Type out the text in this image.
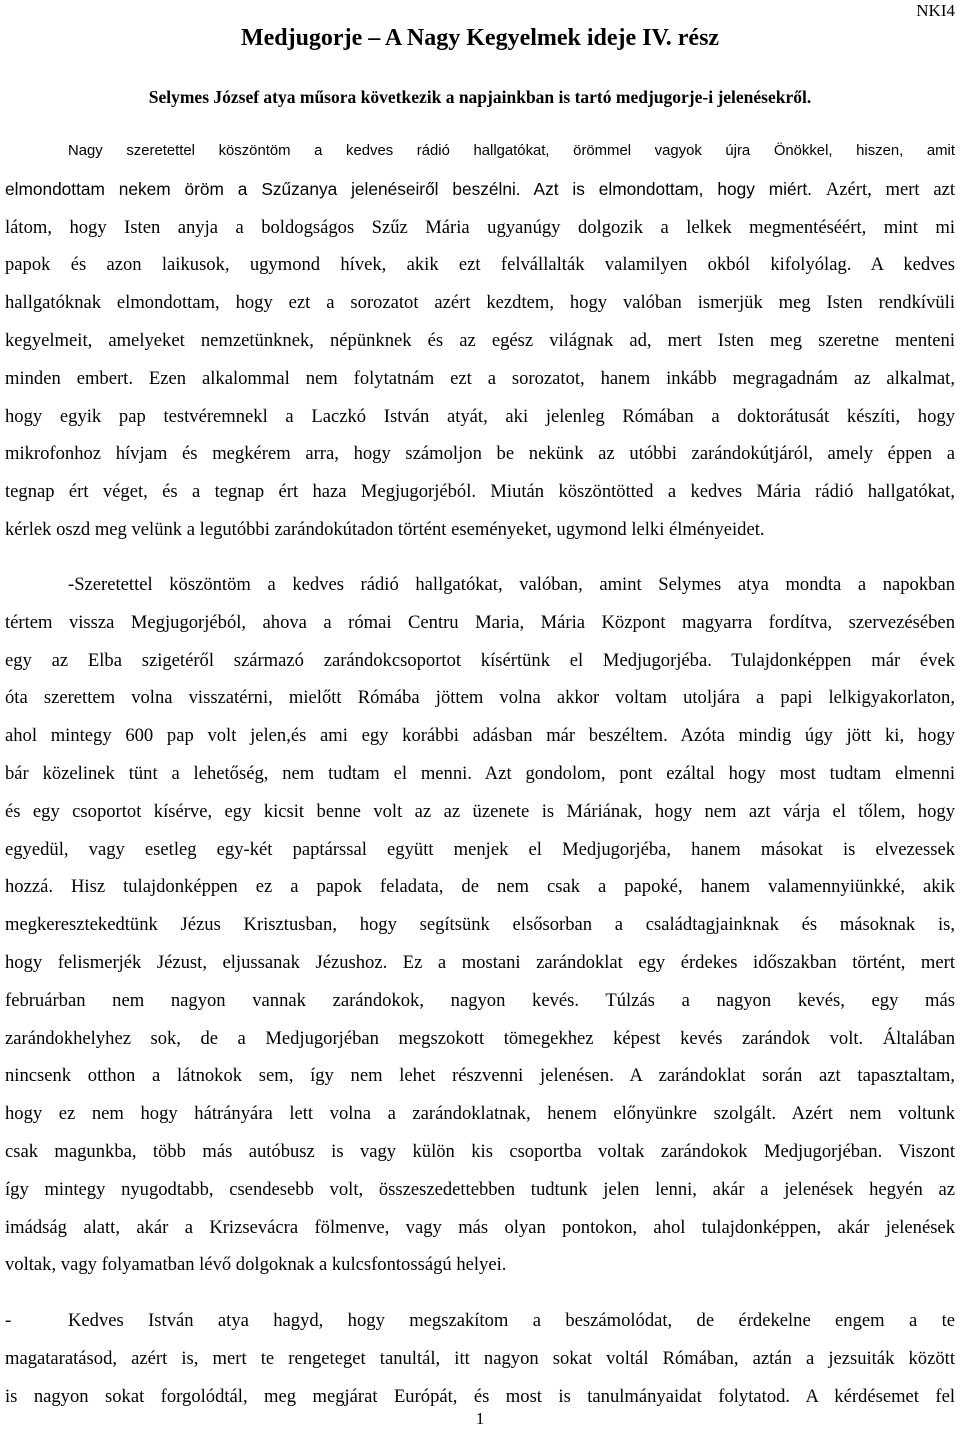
NKI4
Medjugorje – A Nagy Kegyelmek ideje IV. rész
Selymes József atya műsora következik a napjainkban is tartó medjugorje-i jelenésekről.
Nagy szeretettel köszöntöm a kedves rádió hallgatókat, örömmel vagyok újra Önökkel, hiszen, amit
elmondottam nekem öröm a Szűzanya jelenéseiről beszélni. Azt is elmondottam, hogy miért. Azért, mert azt
látom, hogy Isten anyja a boldogságos Szűz Mária ugyanúgy dolgozik a lelkek megmentéséért, mint mi
papok és azon laikusok, ugymond hívek, akik ezt felvállalták valamilyen okból kifolyólag. A kedves
hallgatóknak elmondottam, hogy ezt a sorozatot azért kezdtem, hogy valóban ismerjük meg Isten rendkívüli
kegyelmeit, amelyeket nemzetünknek, népünknek és az egész világnak ad, mert Isten meg szeretne menteni
minden embert. Ezen alkalommal nem folytatnám ezt a sorozatot, hanem inkább megragadnám az alkalmat,
hogy egyik pap testvéremnekl a Laczkó István atyát, aki jelenleg Rómában a doktorátusát készíti, hogy
mikrofonhoz hívjam és megkérem arra, hogy számoljon be nekünk az utóbbi zarándokútjáról, amely éppen a
tegnap ért véget, és a tegnap ért haza Megjugorjéból. Miután köszöntötted a kedves Mária rádió hallgatókat,
kérlek oszd meg velünk a legutóbbi zarándokútadon történt eseményeket, ugymond lelki élményeidet.
-Szeretettel köszöntöm a kedves rádió hallgatókat, valóban, amint Selymes atya mondta a napokban
tértem vissza Megjugorjéból, ahova a római Centru Maria, Mária Központ magyarra fordítva, szervezésében
egy az Elba szigetéről származó zarándokcsoportot kísértünk el Medjugorjéba. Tulajdonképpen már évek
óta szerettem volna visszatérni, mielőtt Rómába jöttem volna akkor voltam utoljára a papi lelkigyakorlaton,
ahol mintegy 600 pap volt jelen,és ami egy korábbi adásban már beszéltem. Azóta mindig úgy jött ki, hogy
bár közelinek tünt a lehetőség, nem tudtam el menni. Azt gondolom, pont ezáltal hogy most tudtam elmenni
és egy csoportot kísérve, egy kicsit benne volt az az üzenete is Máriának, hogy nem azt várja el tőlem, hogy
egyedül, vagy esetleg egy-két paptárssal együtt menjek el Medjugorjéba, hanem másokat is elvezessek
hozzá. Hisz tulajdonképpen ez a papok feladata, de nem csak a papoké, hanem valamennyiünkké, akik
megkeresztekedtünk Jézus Krisztusban, hogy segítsünk elsősorban a családtagjainknak és másoknak is,
hogy felismerjék Jézust, eljussanak Jézushoz. Ez a mostani zarándoklat egy érdekes időszakban történt, mert
februárban nem nagyon vannak zarándokok, nagyon kevés. Túlzás a nagyon kevés, egy más
zarándokhelyhez sok, de a Medjugorjéban megszokott tömegekhez képest kevés zarándok volt. Általában
nincsenk otthon a látnokok sem, így nem lehet részvenni jelenésen. A zarándoklat során azt tapasztaltam,
hogy ez nem hogy hátrányára lett volna a zarándoklatnak, henem előnyünkre szolgált. Azért nem voltunk
csak magunkba, több más autóbusz is vagy külön kis csoportba voltak zarándokok Medjugorjéban. Viszont
így mintegy nyugodtabb, csendesebb volt, összeszedettebben tudtunk jelen lenni, akár a jelenések hegyén az
imádság alatt, akár a Krizsevácra fölmenve, vagy más olyan pontokon, ahol tulajdonképpen, akár jelenések
voltak, vagy folyamatban lévő dolgoknak a kulcsfontosságú helyei.
-	Kedves István atya hagyd, hogy megszakítom a beszámolódat, de érdekelne engem a te
magataratásod, azért is, mert te rengeteget tanultál, itt nagyon sokat voltál Rómában, aztán a jezsuiták között
is nagyon sokat forgolódtál, meg megjárat Európát, és most is tanulmányaidat folytatod. A kérdésemet fel
1
